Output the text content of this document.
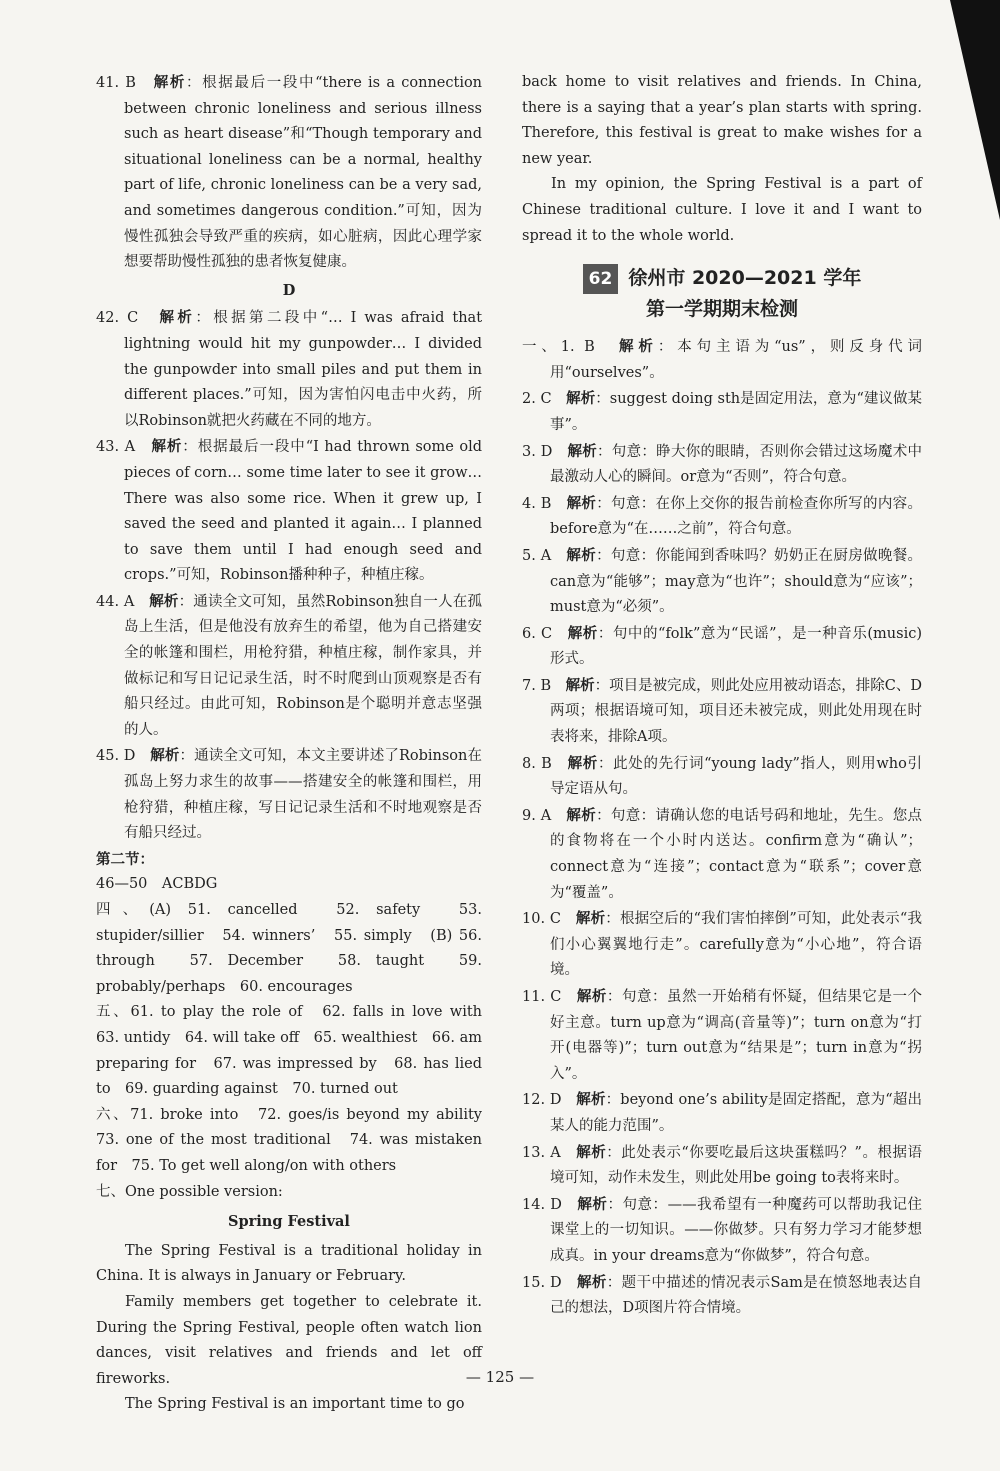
41. B　 解析：根据最后一段中“there is a connection between chronic loneliness and serious illness such as heart disease”和“Though temporary and situational loneliness can be a normal, healthy part of life, chronic loneliness can be a very sad, and sometimes dangerous condition.”可知，因为慢性孤独会导致严重的疾病，如心脏病，因此心理学家想要帮助慢性孤独的患者恢复健康。
D
42. C　 解析：根据第二段中“… I was afraid that lightning would hit my gunpowder… I divided the gunpowder into small piles and put them in different places.”可知，因为害怕闪电击中火药，所以Robinson就把火药藏在不同的地方。
43. A　 解析：根据最后一段中“I had thrown some old pieces of corn… some time later to see it grow… There was also some rice. When it grew up, I saved the seed and planted it again… I planned to save them until I had enough seed and crops.”可知，Robinson播种种子，种植庄稼。
44. A　 解析：通读全文可知，虽然Robinson独自一人在孤岛上生活，但是他没有放弃生的希望，他为自己搭建安全的帐篷和围栏，用枪狩猎，种植庄稼，制作家具，并做标记和写日记记录生活，时不时爬到山顶观察是否有船只经过。由此可知，Robinson是个聪明并意志坚强的人。
45. D　 解析：通读全文可知，本文主要讲述了Robinson在孤岛上努力求生的故事——搭建安全的帐篷和围栏，用枪狩猎，种植庄稼，写日记记录生活和不时地观察是否有船只经过。

第二节：

46—50　ACBDG

四、(A) 51. cancelled　52. safety　53. stupider/sillier　54. winners’　55. simply　(B) 56. through　57. December　58. taught　59. probably/perhaps　60. encourages

五、61. to play the role of　62. falls in love with　63. untidy　64. will take off　65. wealthiest　66. am preparing for　67. was impressed by　68. has lied to　69. guarding against　70. turned out

六、71. broke into　72. goes/is beyond my ability　73. one of the most traditional　74. was mistaken for　75. To get well along/on with others

七、One possible version:

Spring Festival

The Spring Festival is a traditional holiday in China. It is always in January or February.

Family members get together to celebrate it. During the Spring Festival, people often watch lion dances, visit relatives and friends and let off fireworks.

The Spring Festival is an important time to go

back home to visit relatives and friends. In China, there is a saying that a year’s plan starts with spring. Therefore, this festival is great to make wishes for a new year.

In my opinion, the Spring Festival is a part of Chinese traditional culture. I love it and I want to spread it to the whole world.

62 徐州市 2020—2021 学年
第一学期期末检测
一、1. B　 解析：本句主语为“us”，则反身代词用“ourselves”。
2. C　 解析：suggest doing sth是固定用法，意为“建议做某事”。
3. D　 解析：句意：睁大你的眼睛，否则你会错过这场魔术中最激动人心的瞬间。or意为“否则”，符合句意。
4. B　 解析：句意：在你上交你的报告前检查你所写的内容。before意为“在……之前”，符合句意。
5. A　 解析：句意：你能闻到香味吗？奶奶正在厨房做晚餐。can意为“能够”；may意为“也许”；should意为“应该”；must意为“必须”。
6. C　 解析：句中的“folk”意为“民谣”，是一种音乐(music)形式。
7. B　 解析：项目是被完成，则此处应用被动语态，排除C、D两项；根据语境可知，项目还未被完成，则此处用现在时表将来，排除A项。
8. B　 解析：此处的先行词“young lady”指人，则用who引导定语从句。
9. A　 解析：句意：请确认您的电话号码和地址，先生。您点的食物将在一个小时内送达。confirm意为“确认”；connect意为“连接”；contact意为“联系”；cover意为“覆盖”。
10. C　 解析：根据空后的“我们害怕摔倒”可知，此处表示“我们小心翼翼地行走”。carefully意为“小心地”，符合语境。
11. C　 解析：句意：虽然一开始稍有怀疑，但结果它是一个好主意。turn up意为“调高(音量等)”；turn on意为“打开(电器等)”；turn out意为“结果是”；turn in意为“拐入”。
12. D　 解析：beyond one’s ability是固定搭配，意为“超出某人的能力范围”。
13. A　 解析：此处表示“你要吃最后这块蛋糕吗？”。根据语境可知，动作未发生，则此处用be going to表将来时。
14. D　 解析：句意：——我希望有一种魔药可以帮助我记住课堂上的一切知识。——你做梦。只有努力学习才能梦想成真。in your dreams意为“你做梦”，符合句意。
15. D　 解析：题干中描述的情况表示Sam是在愤怒地表达自己的想法，D项图片符合情境。
— 125 —
